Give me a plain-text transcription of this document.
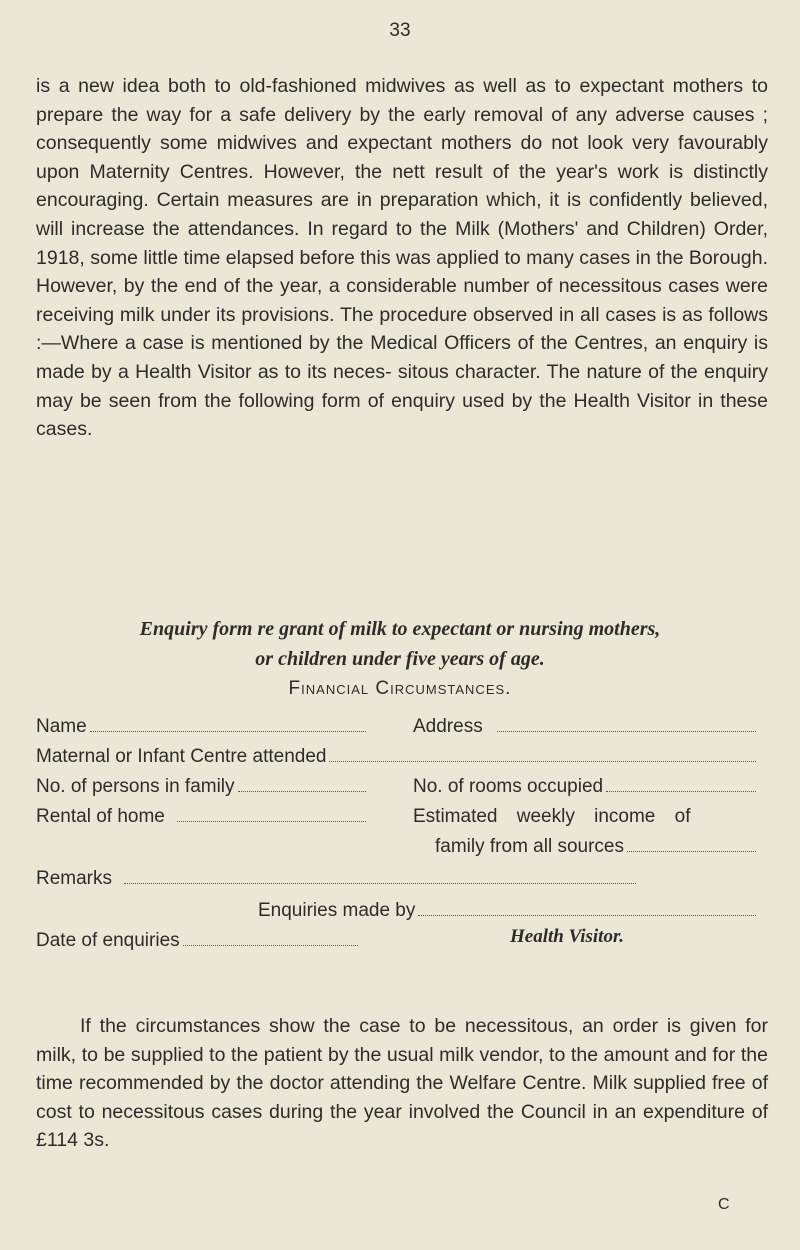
33

is a new idea both to old-fashioned midwives as well as to expectant mothers to prepare the way for a safe delivery by the early removal of any adverse causes ; consequently some midwives and expectant mothers do not look very favourably upon Maternity Centres. However, the nett result of the year's work is distinctly encouraging. Certain measures are in preparation which, it is confidently believed, will increase the attendances. In regard to the Milk (Mothers' and Children) Order, 1918, some little time elapsed before this was applied to many cases in the Borough. However, by the end of the year, a considerable number of necessitous cases were receiving milk under its provisions. The procedure observed in all cases is as follows :—Where a case is mentioned by the Medical Officers of the Centres, an enquiry is made by a Health Visitor as to its neces- sitous character. The nature of the enquiry may be seen from the following form of enquiry used by the Health Visitor in these cases.

Enquiry form re grant of milk to expectant or nursing mothers,
or children under five years of age.
Financial Circumstances.
Name	Address
Maternal or Infant Centre attended
No. of persons in family	No. of rooms occupied
Rental of home	Estimated weekly income of
family from all sources
Remarks
Enquiries made by
Date of enquiries	Health Visitor.

If the circumstances show the case to be necessitous, an order is given for milk, to be supplied to the patient by the usual milk vendor, to the amount and for the time recommended by the doctor attending the Welfare Centre. Milk supplied free of cost to necessitous cases during the year involved the Council in an expenditure of £114 3s.

C
